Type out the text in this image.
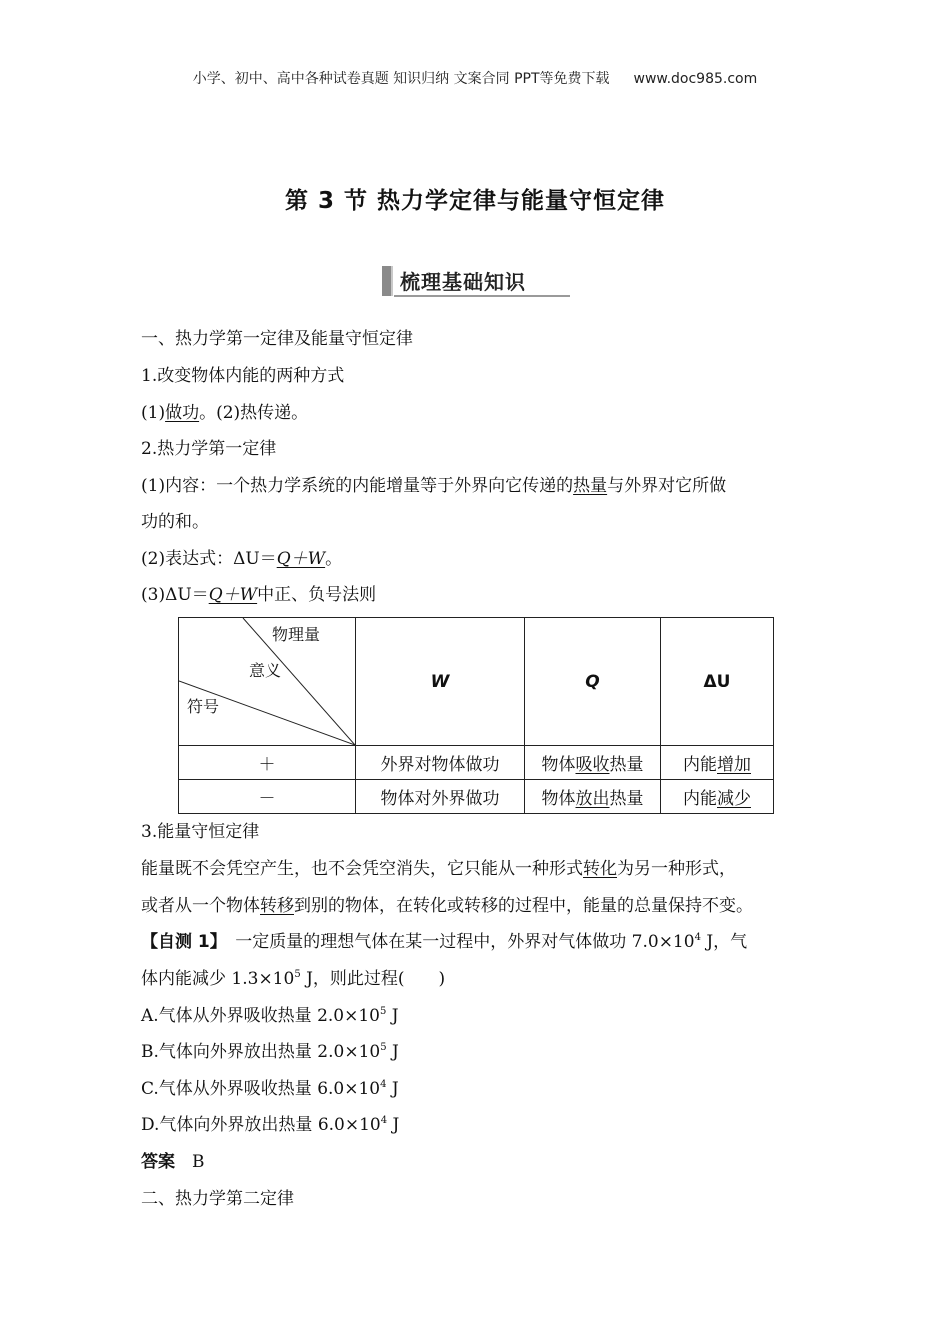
小学、初中、高中各种试卷真题 知识归纳 文案合同 PPT等免费下载 www.doc985.com
第 3 节 热力学定律与能量守恒定律
梳理基础知识
一、热力学第一定律及能量守恒定律
1.改变物体内能的两种方式
(1)做功。(2)热传递。
2.热力学第一定律
(1)内容：一个热力学系统的内能增量等于外界向它传递的热量与外界对它所做
功的和。
(2)表达式：ΔU＝Q＋W。
(3)ΔU＝Q＋W中正、负号法则
物理量
意义
符号	W	Q	ΔU
＋	外界对物体做功	物体吸收热量	内能增加
－	物体对外界做功	物体放出热量	内能减少
3.能量守恒定律
能量既不会凭空产生，也不会凭空消失，它只能从一种形式转化为另一种形式，
或者从一个物体转移到别的物体，在转化或转移的过程中，能量的总量保持不变。
【自测 1】　 一定质量的理想气体在某一过程中，外界对气体做功 $7.0\times 10^4$ J，气
体内能减少 $1.3\times 10^5$ J，则此过程(　　)
A.气体从外界吸收热量 $2.0\times 10^5$ J
B.气体向外界放出热量 $2.0\times 10^5$ J
C.气体从外界吸收热量 $6.0\times 10^4$ J
D.气体向外界放出热量 $6.0\times 10^4$ J
答案　 B
二、热力学第二定律
